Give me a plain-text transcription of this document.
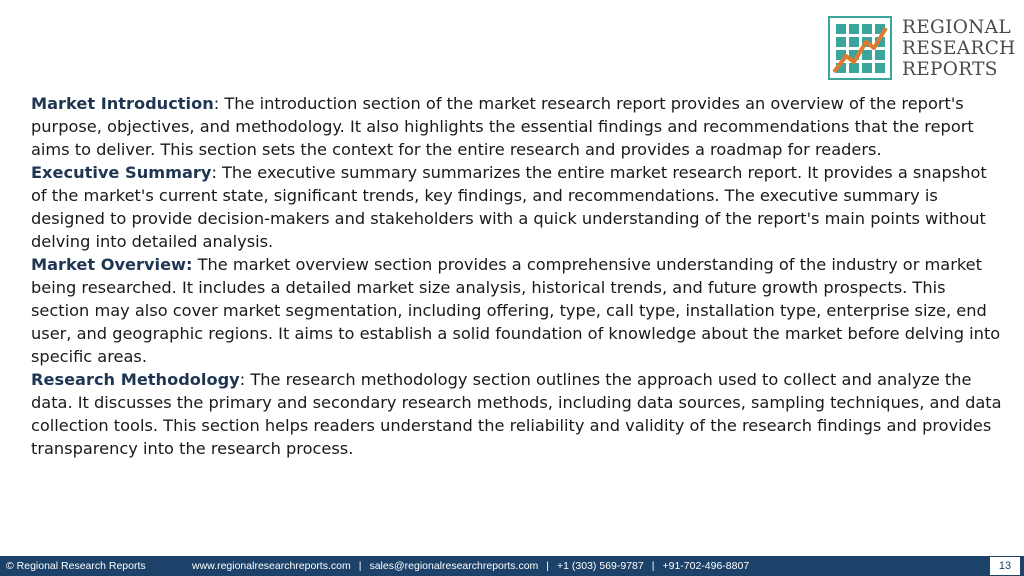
REGIONAL
RESEARCH
REPORTS

Market Introduction: The introduction section of the market research report provides an overview of the report's purpose, objectives, and methodology. It also highlights the essential findings and recommendations that the report aims to deliver. This section sets the context for the entire research and provides a roadmap for readers.

Executive Summary: The executive summary summarizes the entire market research report. It provides a snapshot of the market's current state, significant trends, key findings, and recommendations. The executive summary is designed to provide decision-makers and stakeholders with a quick understanding of the report's main points without delving into detailed analysis.

Market Overview: The market overview section provides a comprehensive understanding of the industry or market being researched. It includes a detailed market size analysis, historical trends, and future growth prospects. This section may also cover market segmentation, including offering, type, call type, installation type, enterprise size, end user, and geographic regions. It aims to establish a solid foundation of knowledge about the market before delving into specific areas.

Research Methodology: The research methodology section outlines the approach used to collect and analyze the data. It discusses the primary and secondary research methods, including data sources, sampling techniques, and data collection tools. This section helps readers understand the reliability and validity of the research findings and provides transparency into the research process.

© Regional Research Reports	www.regionalresearchreports.com | sales@regionalresearchreports.com | +1 (303) 569-9787 | +91-702-496-8807	13
